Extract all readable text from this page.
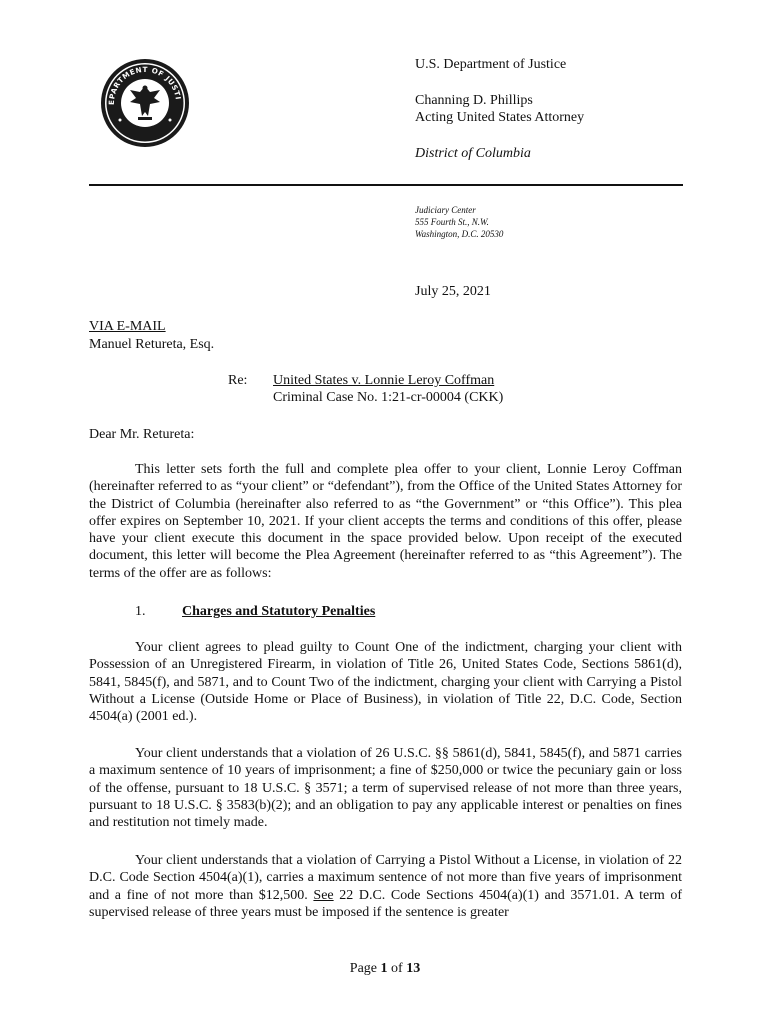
EPARTMENT OF JUSTI
U.S. Department of Justice
Channing D. Phillips
Acting United States Attorney
District of Columbia
Judiciary Center
555 Fourth St., N.W.
Washington, D.C. 20530
July 25, 2021
VIA E-MAIL
Manuel Retureta, Esq.
Re: United States v. Lonnie Leroy Coffman
Criminal Case No. 1:21-cr-00004 (CKK)
Dear Mr. Retureta:

This letter sets forth the full and complete plea offer to your client, Lonnie Leroy Coffman (hereinafter referred to as “your client” or “defendant”), from the Office of the United States Attorney for the District of Columbia (hereinafter also referred to as “the Government” or “this Office”). This plea offer expires on September 10, 2021. If your client accepts the terms and conditions of this offer, please have your client execute this document in the space provided below. Upon receipt of the executed document, this letter will become the Plea Agreement (hereinafter referred to as “this Agreement”). The terms of the offer are as follows:

1.	Charges and Statutory Penalties

Your client agrees to plead guilty to Count One of the indictment, charging your client with Possession of an Unregistered Firearm, in violation of Title 26, United States Code, Sections 5861(d), 5841, 5845(f), and 5871, and to Count Two of the indictment, charging your client with Carrying a Pistol Without a License (Outside Home or Place of Business), in violation of Title 22, D.C. Code, Section 4504(a) (2001 ed.).

Your client understands that a violation of 26 U.S.C. §§ 5861(d), 5841, 5845(f), and 5871 carries a maximum sentence of 10 years of imprisonment; a fine of $250,000 or twice the pecuniary gain or loss of the offense, pursuant to 18 U.S.C. § 3571; a term of supervised release of not more than three years, pursuant to 18 U.S.C. § 3583(b)(2); and an obligation to pay any applicable interest or penalties on fines and restitution not timely made.

Your client understands that a violation of Carrying a Pistol Without a License, in violation of 22 D.C. Code Section 4504(a)(1), carries a maximum sentence of not more than five years of imprisonment and a fine of not more than $12,500. See 22 D.C. Code Sections 4504(a)(1) and 3571.01. A term of supervised release of three years must be imposed if the sentence is greater

Page 1 of 13
